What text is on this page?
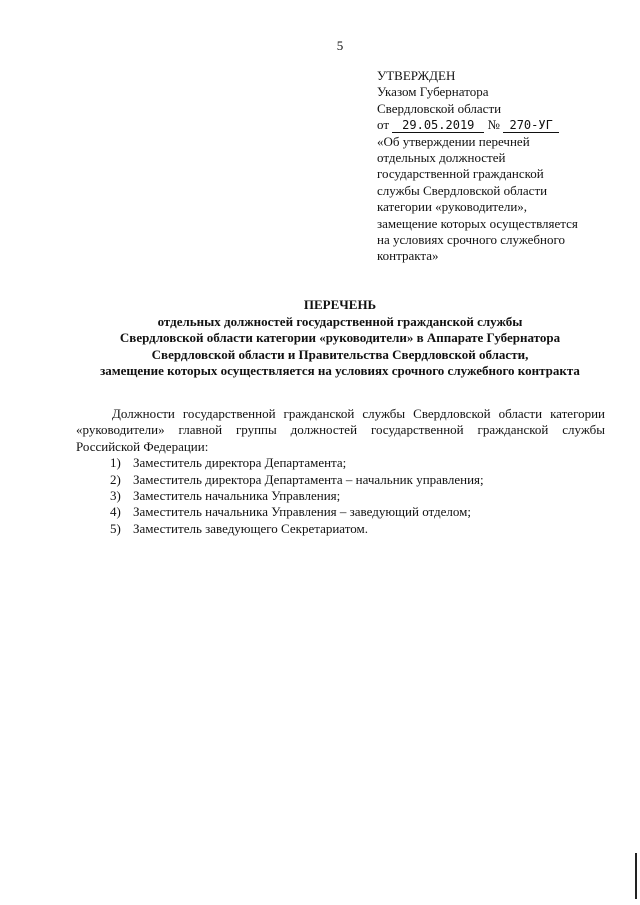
5
УТВЕРЖДЕН
Указом Губернатора
Свердловской области
от 29.05.2019 № 270-УГ
«Об утверждении перечней
отдельных должностей
государственной гражданской
службы Свердловской области
категории «руководители»,
замещение которых осуществляется
на условиях срочного служебного
контракта»
ПЕРЕЧЕНЬ
отдельных должностей государственной гражданской службы
Свердловской области категории «руководители» в Аппарате Губернатора
Свердловской области и Правительства Свердловской области,
замещение которых осуществляется на условиях срочного служебного контракта

Должности государственной гражданской службы Свердловской области категории «руководители» главной группы должностей государственной гражданской службы Российской Федерации:

1) Заместитель директора Департамента;
2) Заместитель директора Департамента – начальник управления;
3) Заместитель начальника Управления;
4) Заместитель начальника Управления – заведующий отделом;
5) Заместитель заведующего Секретариатом.
